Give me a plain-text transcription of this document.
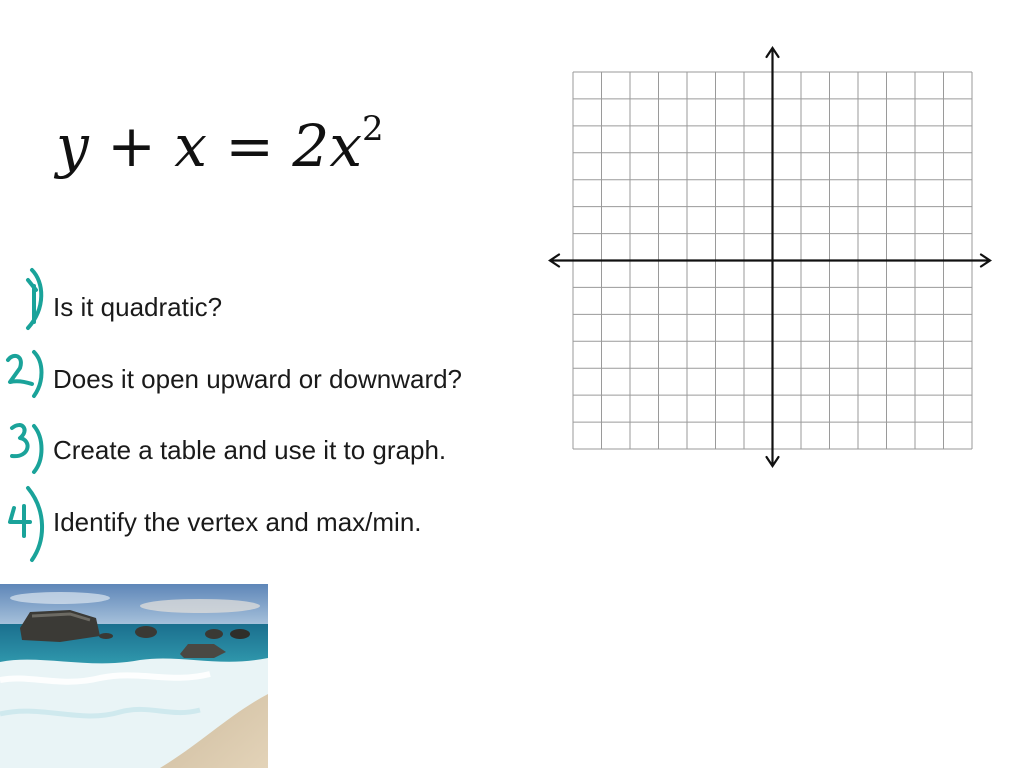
$y + x = 2x^2$
Is it quadratic?
Does it open upward or downward?
Create a table and use it to graph.
Identify the vertex and max/min.
